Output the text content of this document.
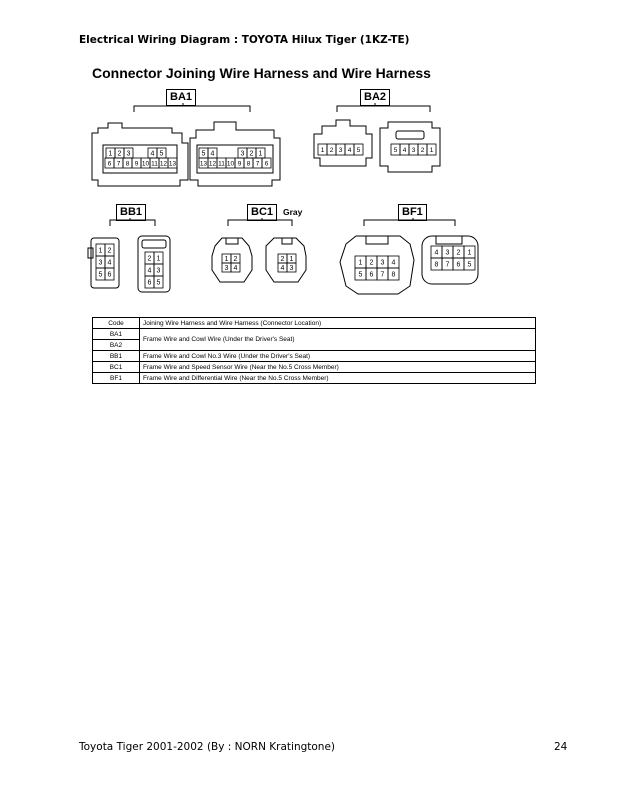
Electrical Wiring Diagram : TOYOTA Hilux Tiger (1KZ-TE)
Connector Joining Wire Harness and Wire Harness
BA1	BA2
BB1	BC1	Gray	BF1
1 2 3	4 5
6 7 8 9 10 11 12 13
5 4	3 2 1
13 12 11 10 9 8 7 6
1 2 3 4 5	5 4 3 2 1
1 2
3 4
5 6
2 1
4 3
6 5
1 2
3 4
2 1
4 3
1 2 3 4
5 6 7 8
4 3 2 1
8 7 6 5
Code	Joining Wire Harness and Wire Harness (Connector Location)
BA1	Frame Wire and Cowl Wire (Under the Driver's Seat)
BA2	
BB1	Frame Wire and Cowl No.3 Wire (Under the Driver's Seat)
BC1	Frame Wire and Speed Sensor Wire (Near the No.5 Cross Member)
BF1	Frame Wire and Differential Wire (Near the No.5 Cross Member)
Toyota Tiger 2001-2002 (By : NORN Kratingtone)	24
